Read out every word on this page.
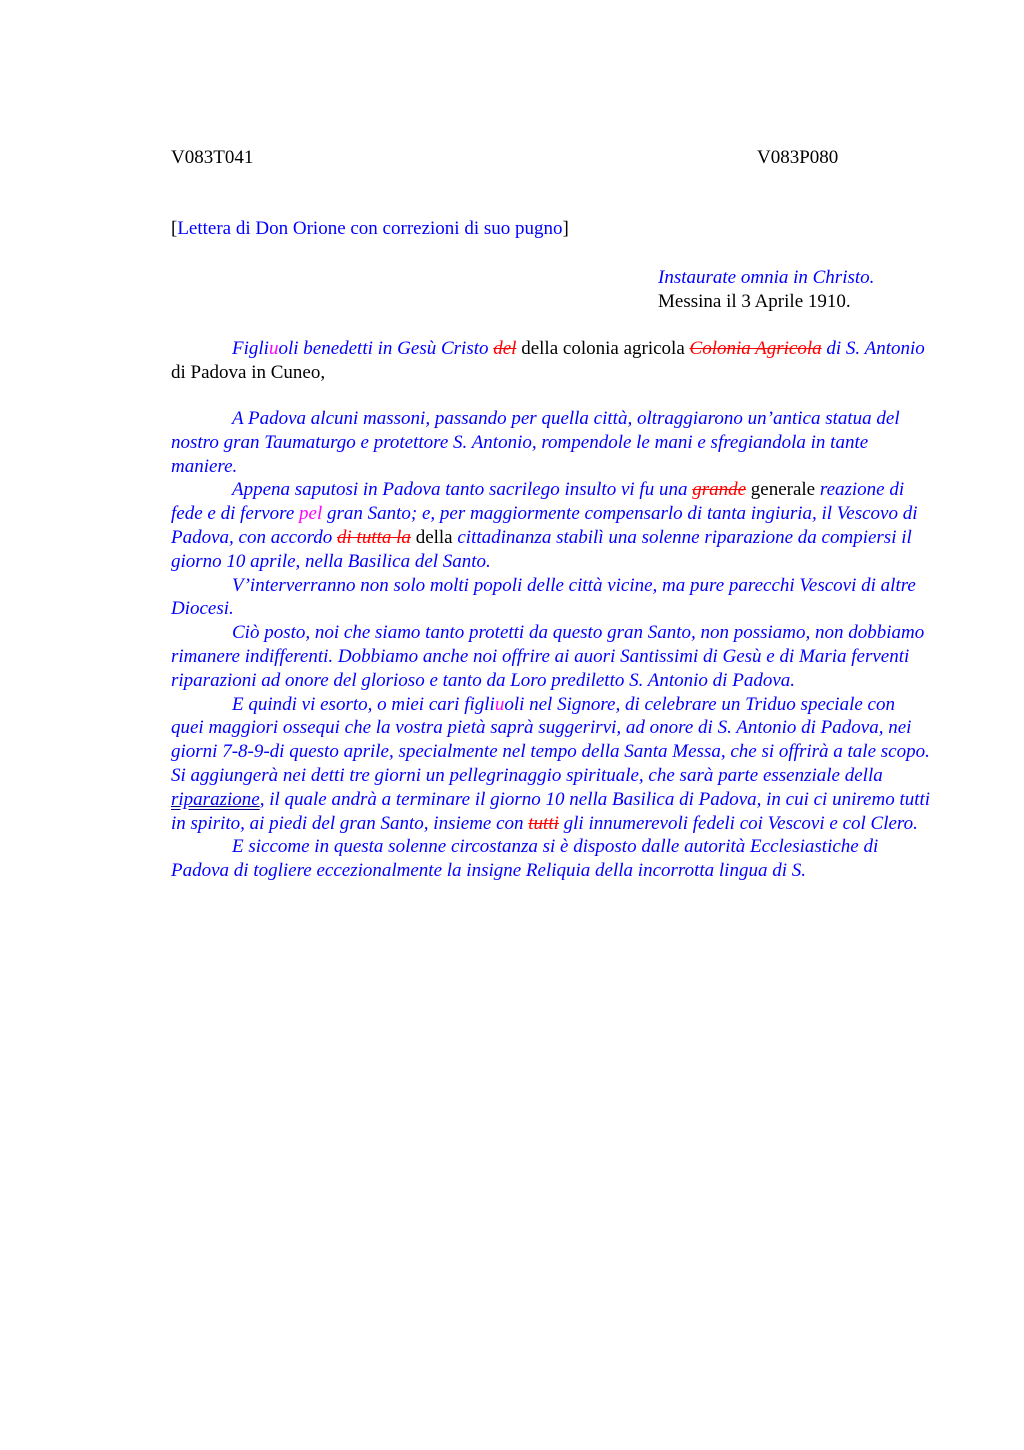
V083T041	V083P080
[Lettera di Don Orione con correzioni di suo pugno]
Instaurate omnia in Christo.
Messina il 3 Aprile 1910.
Figliuoli benedetti in Gesù Cristo del della colonia agricola Colonia Agricola di S. Antonio di Padova in Cuneo,

A Padova alcuni massoni, passando per quella città, oltraggiarono un’antica statua del nostro gran Taumaturgo e protettore S. Antonio, rompendole le mani e sfregiandola in tante maniere.

Appena saputosi in Padova tanto sacrilego insulto vi fu una grande generale reazione di fede e di fervore pel gran Santo; e, per maggiormente compensarlo di tanta ingiuria, il Vescovo di Padova, con accordo di tutta la della cittadinanza stabilì una solenne riparazione da compiersi il giorno 10 aprile, nella Basilica del Santo.

V’interverranno non solo molti popoli delle città vicine, ma pure parecchi Vescovi di altre Diocesi.

Ciò posto, noi che siamo tanto protetti da questo gran Santo, non possiamo, non dobbiamo rimanere indifferenti. Dobbiamo anche noi offrire ai auori Santissimi di Gesù e di Maria ferventi riparazioni ad onore del glorioso e tanto da Loro prediletto S. Antonio di Padova.

E quindi vi esorto, o miei cari figliuoli nel Signore, di celebrare un Triduo speciale con quei maggiori ossequi che la vostra pietà saprà suggerirvi, ad onore di S. Antonio di Padova, nei giorni 7-8-9-di questo aprile, specialmente nel tempo della Santa Messa, che si offrirà a tale scopo. Si aggiungerà nei detti tre giorni un pellegrinaggio spirituale, che sarà parte essenziale della riparazione, il quale andrà a terminare il giorno 10 nella Basilica di Padova, in cui ci uniremo tutti in spirito, ai piedi del gran Santo, insieme con tutti gli innumerevoli fedeli coi Vescovi e col Clero.

E siccome in questa solenne circostanza si è disposto dalle autorità Ecclesiastiche di Padova di togliere eccezionalmente la insigne Reliquia della incorrotta lingua di S.
